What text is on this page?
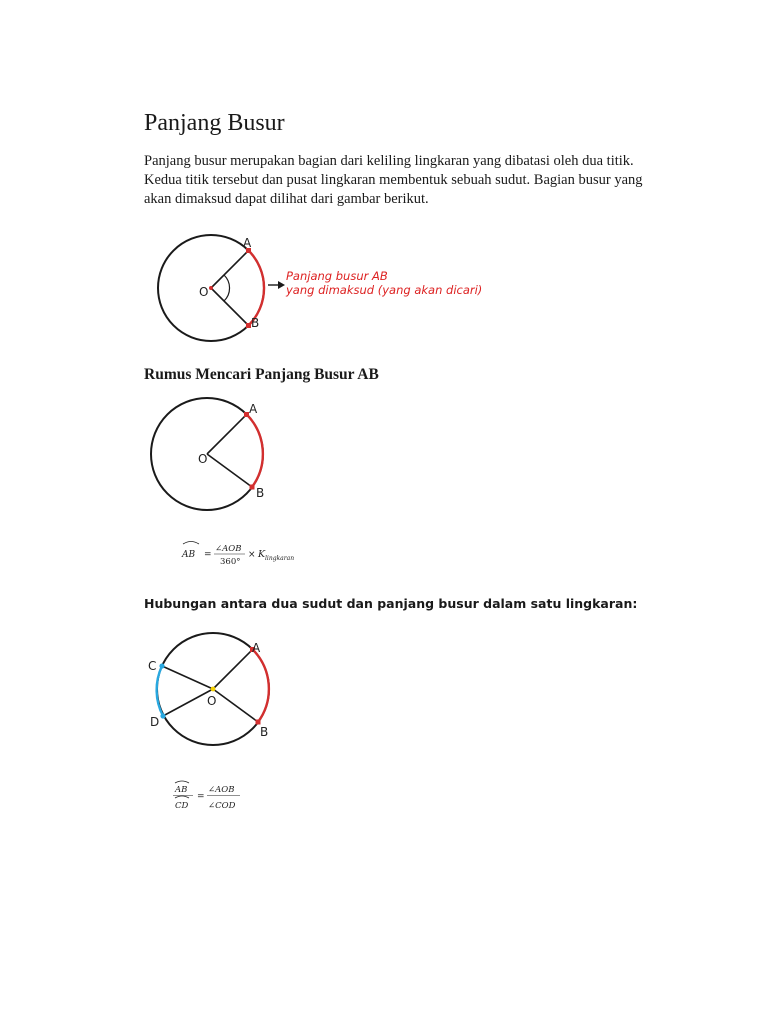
Panjang Busur
Panjang busur merupakan bagian dari keliling lingkaran yang dibatasi oleh dua titik. Kedua titik tersebut dan pusat lingkaran membentuk sebuah sudut. Bagian busur yang akan dimaksud dapat dilihat dari gambar berikut.
A
B
O
Panjang busur AB
yang dimaksud (yang akan dicari)
Rumus Mencari Panjang Busur AB
A
B
O
AB =
∠AOB
360°
× K lingkaran
Hubungan antara dua sudut dan panjang busur dalam satu lingkaran:
A
B
C
D
O
AB
CD
=
∠AOB
∠COD
